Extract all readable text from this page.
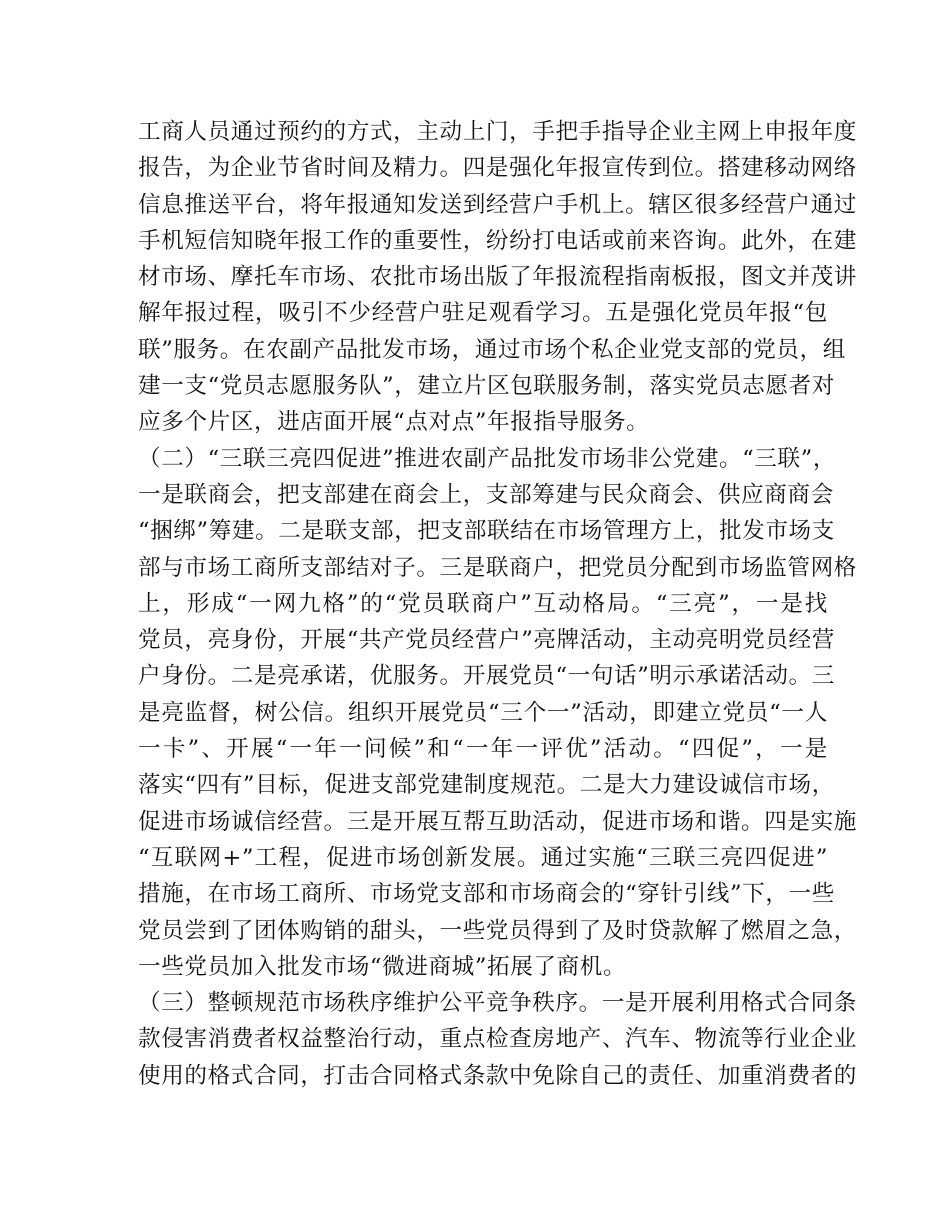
工商人员通过预约的方式，主动上门，手把手指导企业主网上申报年度
报告，为企业节省时间及精力。四是强化年报宣传到位。搭建移动网络
信息推送平台，将年报通知发送到经营户手机上。辖区很多经营户通过
手机短信知晓年报工作的重要性，纷纷打电话或前来咨询。此外，在建
材市场、摩托车市场、农批市场出版了年报流程指南板报，图文并茂讲
解年报过程，吸引不少经营户驻足观看学习。五是强化党员年报“包
联”服务。在农副产品批发市场，通过市场个私企业党支部的党员，组
建一支“党员志愿服务队”，建立片区包联服务制，落实党员志愿者对
应多个片区，进店面开展“点对点”年报指导服务。
（二）“三联三亮四促进”推进农副产品批发市场非公党建。“三联”，
一是联商会，把支部建在商会上，支部筹建与民众商会、供应商商会
“捆绑”筹建。二是联支部，把支部联结在市场管理方上，批发市场支
部与市场工商所支部结对子。三是联商户，把党员分配到市场监管网格
上，形成“一网九格”的“党员联商户”互动格局。“三亮”，一是找
党员，亮身份，开展“共产党员经营户”亮牌活动，主动亮明党员经营
户身份。二是亮承诺，优服务。开展党员“一句话”明示承诺活动。三
是亮监督，树公信。组织开展党员“三个一”活动，即建立党员“一人
一卡”、开展“一年一问候”和“一年一评优”活动。“四促”，一是
落实“四有”目标，促进支部党建制度规范。二是大力建设诚信市场，
促进市场诚信经营。三是开展互帮互助活动，促进市场和谐。四是实施
“互联网+”工程，促进市场创新发展。通过实施“三联三亮四促进”
措施，在市场工商所、市场党支部和市场商会的“穿针引线”下，一些
党员尝到了团体购销的甜头，一些党员得到了及时贷款解了燃眉之急，
一些党员加入批发市场“微进商城”拓展了商机。
（三）整顿规范市场秩序维护公平竞争秩序。一是开展利用格式合同条
款侵害消费者权益整治行动，重点检查房地产、汽车、物流等行业企业
使用的格式合同，打击合同格式条款中免除自己的责任、加重消费者的
